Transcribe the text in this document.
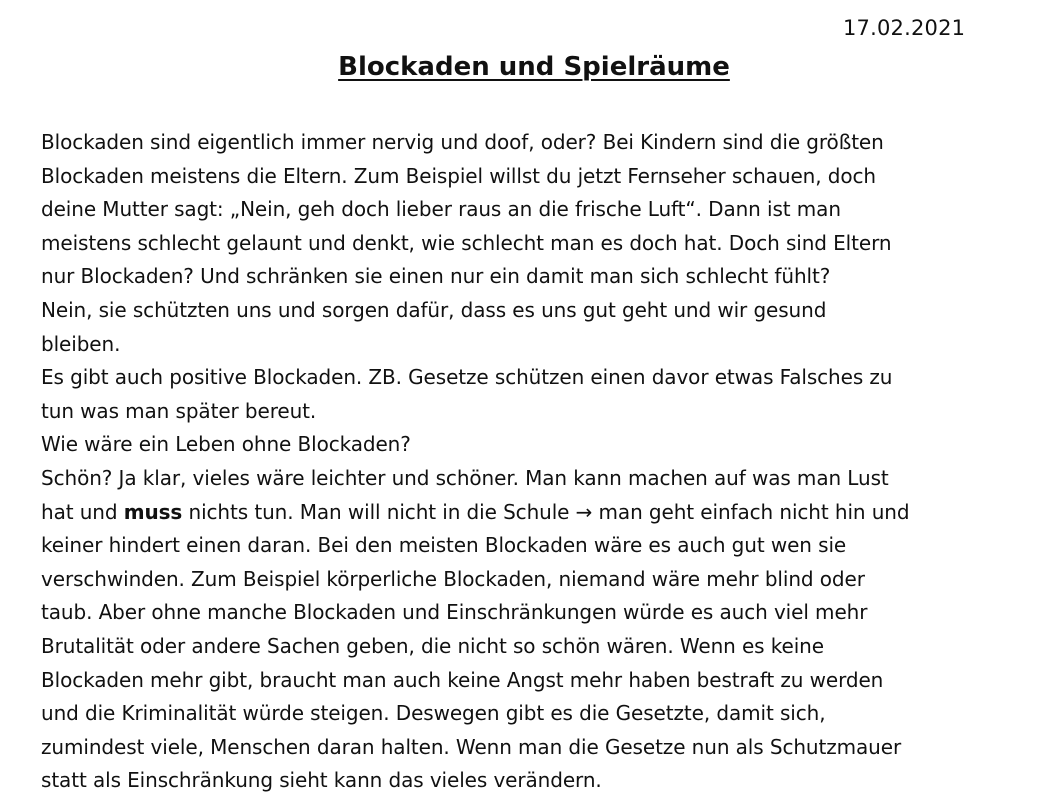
17.02.2021
Blockaden und Spielräume
Blockaden sind eigentlich immer nervig und doof, oder? Bei Kindern sind die größten
Blockaden meistens die Eltern. Zum Beispiel willst du jetzt Fernseher schauen, doch
deine Mutter sagt: „Nein, geh doch lieber raus an die frische Luft“. Dann ist man
meistens schlecht gelaunt und denkt, wie schlecht man es doch hat. Doch sind Eltern
nur Blockaden? Und schränken sie einen nur ein damit man sich schlecht fühlt?
Nein, sie schützten uns und sorgen dafür, dass es uns gut geht und wir gesund
bleiben.
Es gibt auch positive Blockaden. ZB. Gesetze schützen einen davor etwas Falsches zu
tun was man später bereut.
Wie wäre ein Leben ohne Blockaden?
Schön? Ja klar, vieles wäre leichter und schöner. Man kann machen auf was man Lust
hat und muss nichts tun. Man will nicht in die Schule → man geht einfach nicht hin und
keiner hindert einen daran. Bei den meisten Blockaden wäre es auch gut wen sie
verschwinden. Zum Beispiel körperliche Blockaden, niemand wäre mehr blind oder
taub. Aber ohne manche Blockaden und Einschränkungen würde es auch viel mehr
Brutalität oder andere Sachen geben, die nicht so schön wären. Wenn es keine
Blockaden mehr gibt, braucht man auch keine Angst mehr haben bestraft zu werden
und die Kriminalität würde steigen. Deswegen gibt es die Gesetzte, damit sich,
zumindest viele, Menschen daran halten. Wenn man die Gesetze nun als Schutzmauer
statt als Einschränkung sieht kann das vieles verändern.
